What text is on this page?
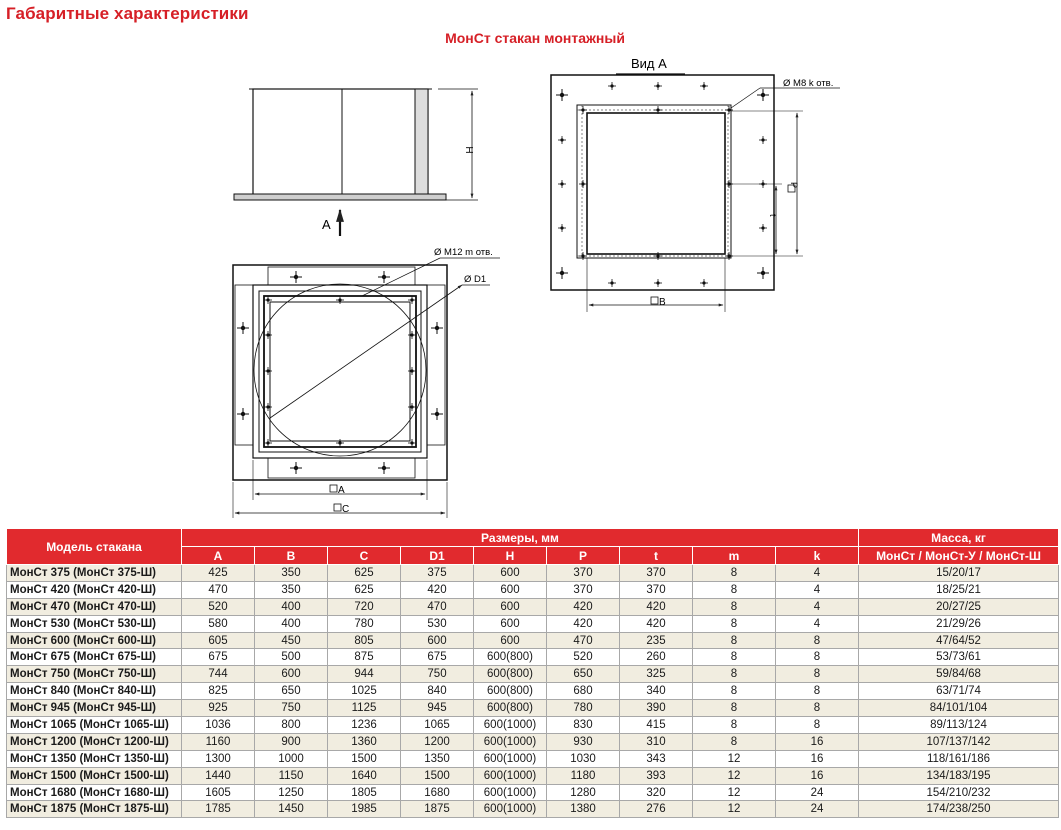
Габаритные характеристики
МонСт стакан монтажный
H
A
Вид А
Ø M8 k отв.
P
t
B
Ø M12 m отв.
Ø D1
A
C
Модель стакана	Размеры, мм									Масса, кг
	A	B	C	D1	H	P	t	m	k	МонСт / МонСт-У / МонСт-Ш
МонСт 375 (МонСт 375-Ш)	425	350	625	375	600	370	370	8	4	15/20/17
МонСт 420 (МонСт 420-Ш)	470	350	625	420	600	370	370	8	4	18/25/21
МонСт 470 (МонСт 470-Ш)	520	400	720	470	600	420	420	8	4	20/27/25
МонСт 530 (МонСт 530-Ш)	580	400	780	530	600	420	420	8	4	21/29/26
МонСт 600 (МонСт 600-Ш)	605	450	805	600	600	470	235	8	8	47/64/52
МонСт 675 (МонСт 675-Ш)	675	500	875	675	600(800)	520	260	8	8	53/73/61
МонСт 750 (МонСт 750-Ш)	744	600	944	750	600(800)	650	325	8	8	59/84/68
МонСт 840 (МонСт 840-Ш)	825	650	1025	840	600(800)	680	340	8	8	63/71/74
МонСт 945 (МонСт 945-Ш)	925	750	1125	945	600(800)	780	390	8	8	84/101/104
МонСт 1065 (МонСт 1065-Ш)	1036	800	1236	1065	600(1000)	830	415	8	8	89/113/124
МонСт 1200 (МонСт 1200-Ш)	1160	900	1360	1200	600(1000)	930	310	8	16	107/137/142
МонСт 1350 (МонСт 1350-Ш)	1300	1000	1500	1350	600(1000)	1030	343	12	16	118/161/186
МонСт 1500 (МонСт 1500-Ш)	1440	1150	1640	1500	600(1000)	1180	393	12	16	134/183/195
МонСт 1680 (МонСт 1680-Ш)	1605	1250	1805	1680	600(1000)	1280	320	12	24	154/210/232
МонСт 1875 (МонСт 1875-Ш)	1785	1450	1985	1875	600(1000)	1380	276	12	24	174/238/250
